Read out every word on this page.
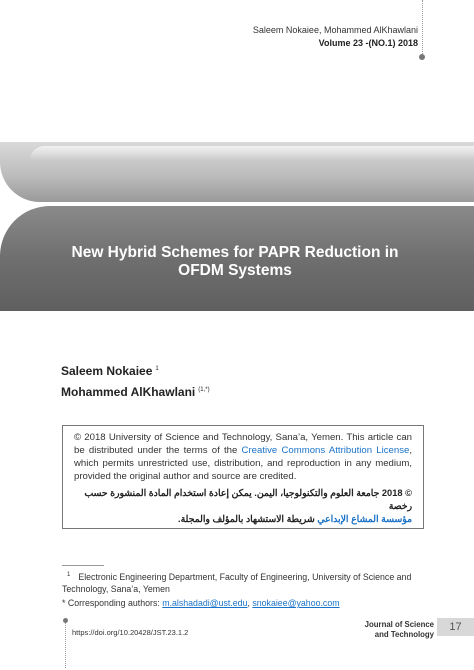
Saleem Nokaiee, Mohammed AlKhawlani
Volume 23 -(NO.1) 2018
New Hybrid Schemes for PAPR Reduction in
OFDM Systems
Saleem Nokaiee $^1$
Mohammed AlKhawlani $^{(1,*)}$
© 2018 University of Science and Technology, Sana’a, Yemen. This article can be distributed under the terms of the Creative Commons Attribution License, which permits unrestricted use, distribution, and reproduction in any medium, provided the original author and source are credited.
© 2018 جامعة العلوم والتكنولوجيا، اليمن. يمكن إعادة استخدام المادة المنشورة حسب رخصة
مؤسسة المشاع الإبداعي شريطة الاستشهاد بالمؤلف والمجلة.
$^1$ Electronic Engineering Department, Faculty of Engineering, University of Science and Technology, Sana’a, Yemen
* Corresponding authors: m.alshadadi@ust.edu, snokaiee@yahoo.com
https://doi.org/10.20428/JST.23.1.2
Journal of Science
and Technology
17
